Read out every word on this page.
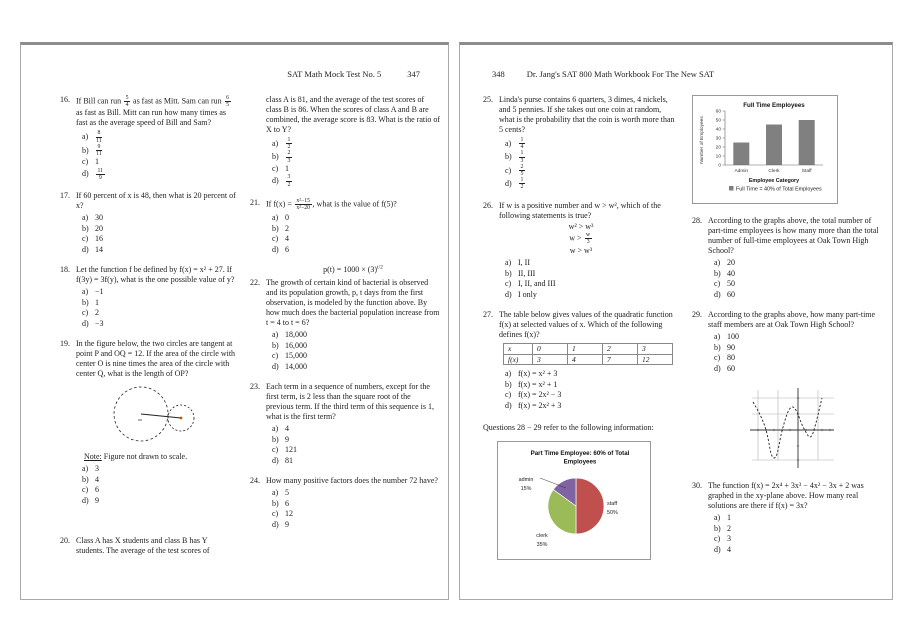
SAT Math Mock Test No. 5	347
16. If Bill can run $\frac{5}{4}$ as fast as Mitt. Sam can run $\frac{6}{5}$
as fast as Bill. Mitt can run how many times as fast as the average speed of Bill and Sam?
a)	$\frac{8}{11}$
b)	$\frac{9}{11}$
c) 1
d)	$\frac{11}{9}$
17. If 60 percent of x is 48, then what is 20 percent of x?
a) 30
b) 20
c) 16
d) 14
18. Let the function f be defined by f(x) = x² + 27. If f(3y) = 3f(y), what is the one possible value of y?
a) −1
b) 1
c) 2
d) −3
19. In the figure below, the two circles are tangent at point P and OQ = 12. If the area of the circle with center O is nine times the area of the circle with center Q, what is the length of OP?
Note: Figure not drawn to scale.
a) 3
b) 4
c) 6
d) 9
20. Class A has X students and class B has Y students. The average of the test scores of
class A is 81, and the average of the test scores of class B is 86. When the scores of class A and B are combined, the average score is 83. What is the ratio of X to Y?
a)	$\frac{1}{2}$
b)	$\frac{2}{3}$
c) 1
d)	$\frac{3}{2}$
21. If $f(x) = \frac{\text{x²−15}}{\text{x²−20}}$ , what is the value of f(5)?
a) 0
b) 2
c) 4
d) 6
$p(t) = 1000 \times (3)^{t/2}$
22. The growth of certain kind of bacterial is observed and its population growth, p, t days from the first observation, is modeled by the function above. By how much does the bacterial population increase from t = 4 to t = 6?
a) 18,000
b) 16,000
c) 15,000
d) 14,000
23. Each term in a sequence of numbers, except for the first term, is 2 less than the square root of the previous term. If the third term of this sequence is 1, what is the first term?
a) 4
b) 9
c) 121
d) 81
24. How many positive factors does the number 72 have?
a) 5
b) 6
c) 12
d) 9
348	Dr. Jang's SAT 800 Math Workbook For The New SAT
25. Linda's purse contains 6 quarters, 3 dimes, 4 nickels, and 5 pennies. If she takes out one coin at random, what is the probability that the coin is worth more than 5 cents?
a)	$\frac{1}{4}$
b)	$\frac{1}{3}$
c)	$\frac{2}{5}$
d)	$\frac{1}{2}$
26. If w is a positive number and w > w², which of the following statements is true?
w² > w³
$w > \frac{w}{3}$
w > w³
a) I, II
b) II, III
c) I, II, and III
d) I only
27. The table below gives values of the quadratic function f(x) at selected values of x. Which of the following defines f(x)?
x	0	1	2	3
f(x)	3	4	7	12
a) f(x) = x² + 3
b) f(x) = x² + 1
c) f(x) = 2x² − 3
d) f(x) = 2x² + 3
Questions 28 − 29 refer to the following information:
Part Time Employee: 60% of Total
Employees
staff
50%
clerk
35%
admin
15%
Full Time Employees
Number of Employees
0
10
20
30
40
50
60
Admin	Clerk	Staff
Employee Category
Full Time = 40% of Total Employees
28. According to the graphs above, the total number of part-time employees is how many more than the total number of full-time employees at Oak Town High School?
a) 20
b) 40
c) 50
d) 60
29. According to the graphs above, how many part-time staff members are at Oak Town High School?
a) 100
b) 90
c) 80
d) 60
30. The function f(x) = 2x⁴ + 3x³ − 4x² − 3x + 2 was graphed in the xy-plane above. How many real solutions are there if f(x) = 3x?
a) 1
b) 2
c) 3
d) 4
